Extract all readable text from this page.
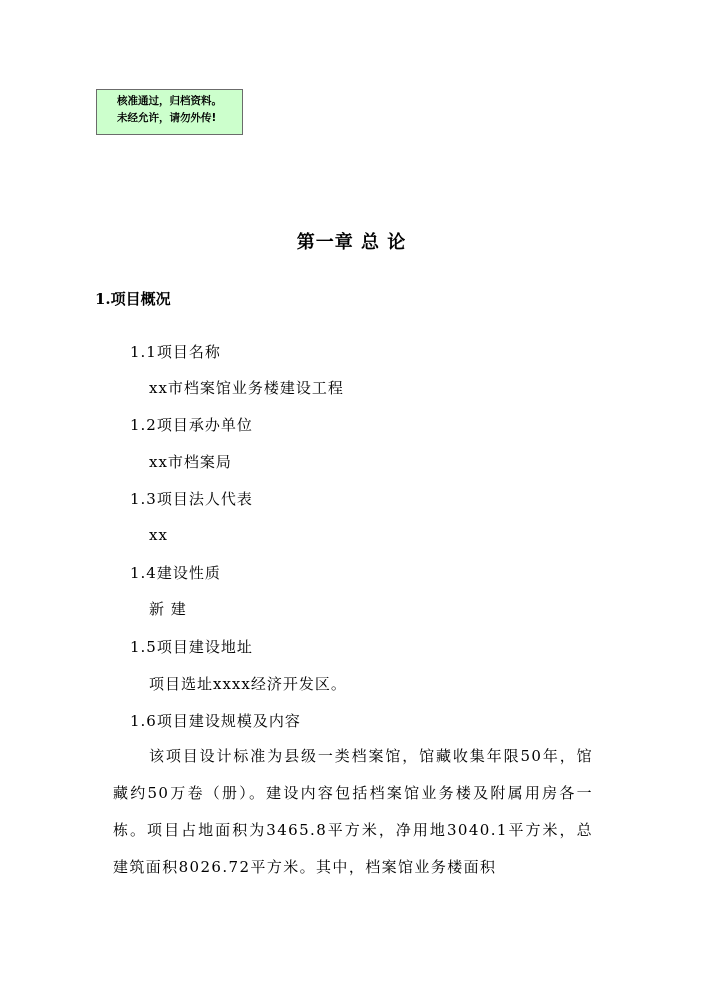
核准通过，归档资料。
未经允许，请勿外传!
第一章 总 论
1.项目概况
1.1项目名称
xx市档案馆业务楼建设工程
1.2项目承办单位
xx市档案局
1.3项目法人代表
xx
1.4建设性质
新 建
1.5项目建设地址
项目选址xxxx经济开发区。
1.6项目建设规模及内容
该项目设计标准为县级一类档案馆，馆藏收集年限50年，馆藏约50万卷（册）。建设内容包括档案馆业务楼及附属用房各一栋。项目占地面积为3465.8平方米，净用地3040.1平方米，总建筑面积8026.72平方米。其中，档案馆业务楼面积
